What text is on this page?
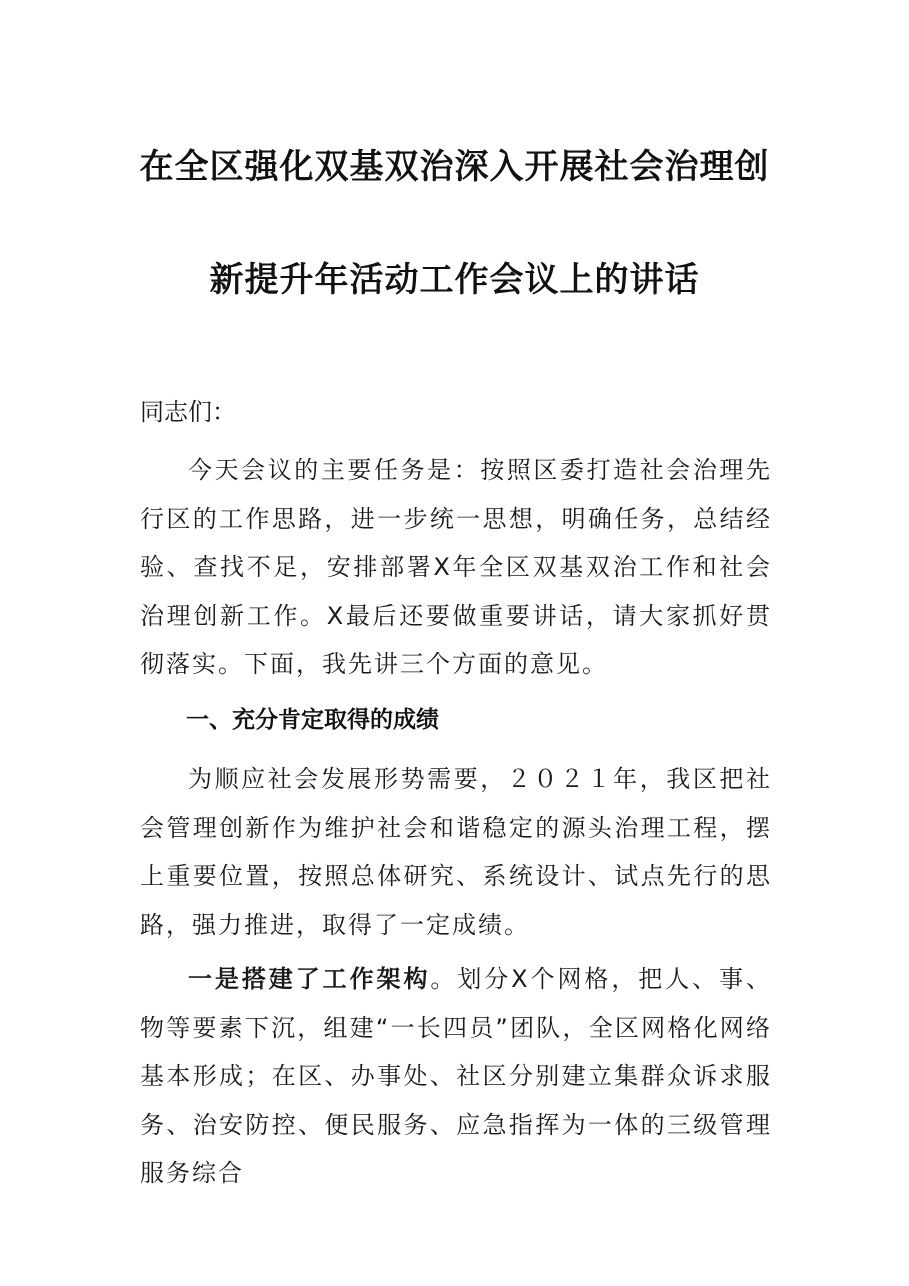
在全区强化双基双治深入开展社会治理创
新提升年活动工作会议上的讲话
同志们：
今天会议的主要任务是：按照区委打造社会治理先行区的工作思路，进一步统一思想，明确任务，总结经验、查找不足，安排部署X年全区双基双治工作和社会治理创新工作。X最后还要做重要讲话，请大家抓好贯彻落实。下面，我先讲三个方面的意见。
一、充分肯定取得的成绩
为顺应社会发展形势需要，２０２１年，我区把社会管理创新作为维护社会和谐稳定的源头治理工程，摆上重要位置，按照总体研究、系统设计、试点先行的思路，强力推进，取得了一定成绩。
一是搭建了工作架构。划分X个网格，把人、事、物等要素下沉，组建“一长四员”团队，全区网格化网络基本形成；在区、办事处、社区分别建立集群众诉求服务、治安防控、便民服务、应急指挥为一体的三级管理服务综合
